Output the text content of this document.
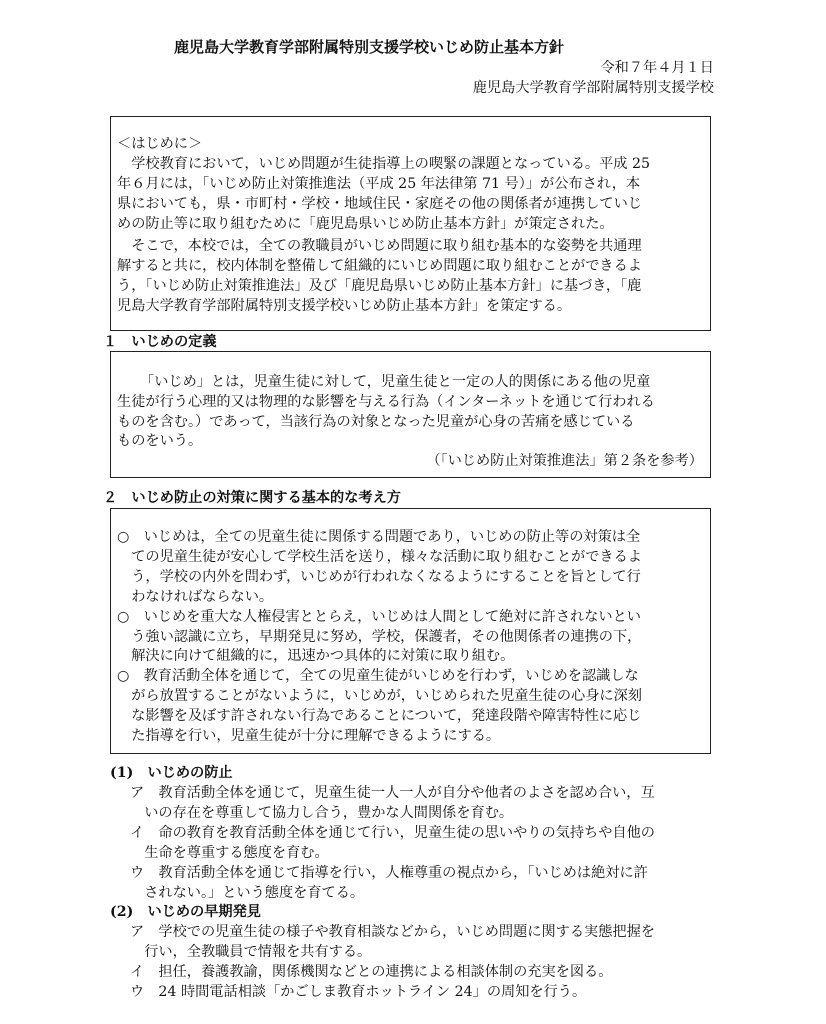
鹿児島大学教育学部附属特別支援学校いじめ防止基本方針
令和７年４月１日
鹿児島大学教育学部附属特別支援学校
＜はじめに＞
　学校教育において，いじめ問題が生徒指導上の喫緊の課題となっている。平成 25
年６月には，「いじめ防止対策推進法（平成 25 年法律第 71 号）」が公布され，本
県においても，県・市町村・学校・地域住民・家庭その他の関係者が連携していじ
めの防止等に取り組むために「鹿児島県いじめ防止基本方針」が策定された。
　そこで，本校では，全ての教職員がいじめ問題に取り組む基本的な姿勢を共通理
解すると共に，校内体制を整備して組織的にいじめ問題に取り組むことができるよ
う，「いじめ防止対策推進法」及び「鹿児島県いじめ防止基本方針」に基づき，「鹿
児島大学教育学部附属特別支援学校いじめ防止基本方針」を策定する。
１　いじめの定義
「いじめ」とは，児童生徒に対して，児童生徒と一定の人的関係にある他の児童
生徒が行う心理的又は物理的な影響を与える行為（インターネットを通じて行われる
ものを含む。）であって，当該行為の対象となった児童が心身の苦痛を感じている
ものをいう。
（「いじめ防止対策推進法」第２条を参考）
２　いじめ防止の対策に関する基本的な考え方
○　いじめは，全ての児童生徒に関係する問題であり，いじめの防止等の対策は全
　ての児童生徒が安心して学校生活を送り，様々な活動に取り組むことができるよ
　う，学校の内外を問わず，いじめが行われなくなるようにすることを旨として行
　わなければならない。
○　いじめを重大な人権侵害ととらえ，いじめは人間として絶対に許されないとい
　う強い認識に立ち，早期発見に努め，学校，保護者，その他関係者の連携の下，
　解決に向けて組織的に，迅速かつ具体的に対策に取り組む。
○　教育活動全体を通じて，全ての児童生徒がいじめを行わず，いじめを認識しな
　がら放置することがないように，いじめが，いじめられた児童生徒の心身に深刻
　な影響を及ぼす許されない行為であることについて，発達段階や障害特性に応じ
　た指導を行い，児童生徒が十分に理解できるようにする。
(1)　いじめの防止
ア　教育活動全体を通じて，児童生徒一人一人が自分や他者のよさを認め合い，互
　いの存在を尊重して協力し合う，豊かな人間関係を育む。
イ　命の教育を教育活動全体を通じて行い，児童生徒の思いやりの気持ちや自他の
　生命を尊重する態度を育む。
ウ　教育活動全体を通じて指導を行い，人権尊重の視点から，「いじめは絶対に許
　されない。」という態度を育てる。
(2)　いじめの早期発見
ア　学校での児童生徒の様子や教育相談などから，いじめ問題に関する実態把握を
　行い，全教職員で情報を共有する。
イ　担任，養護教諭，関係機関などとの連携による相談体制の充実を図る。
ウ　24 時間電話相談「かごしま教育ホットライン 24」の周知を行う。
